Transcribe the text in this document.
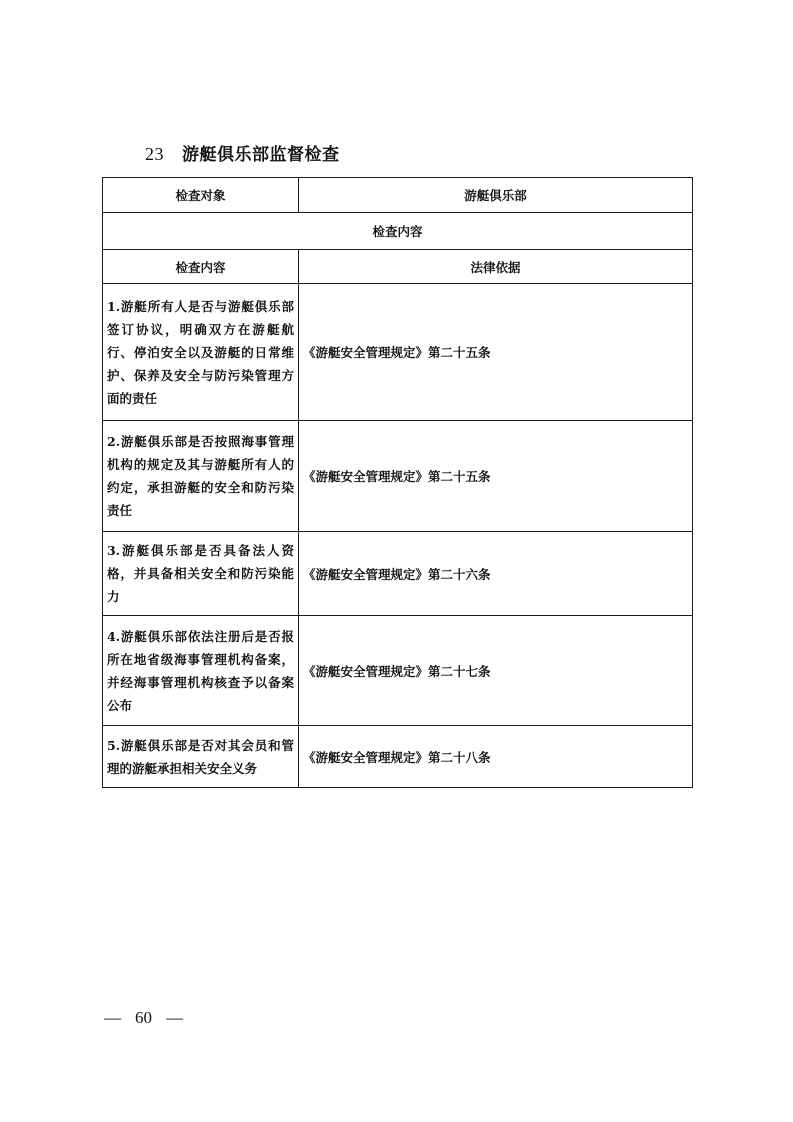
23 游艇俱乐部监督检查
检查对象	游艇俱乐部
检查内容	
检查内容	法律依据
1.游艇所有人是否与游艇俱乐部签订协议，明确双方在游艇航行、停泊安全以及游艇的日常维护、保养及安全与防污染管理方面的责任	《游艇安全管理规定》第二十五条
2.游艇俱乐部是否按照海事管理机构的规定及其与游艇所有人的约定，承担游艇的安全和防污染责任	《游艇安全管理规定》第二十五条
3.游艇俱乐部是否具备法人资格，并具备相关安全和防污染能力	《游艇安全管理规定》第二十六条
4.游艇俱乐部依法注册后是否报所在地省级海事管理机构备案，并经海事管理机构核查予以备案公布	《游艇安全管理规定》第二十七条
5.游艇俱乐部是否对其会员和管理的游艇承担相关安全义务	《游艇安全管理规定》第二十八条
— 60 —
